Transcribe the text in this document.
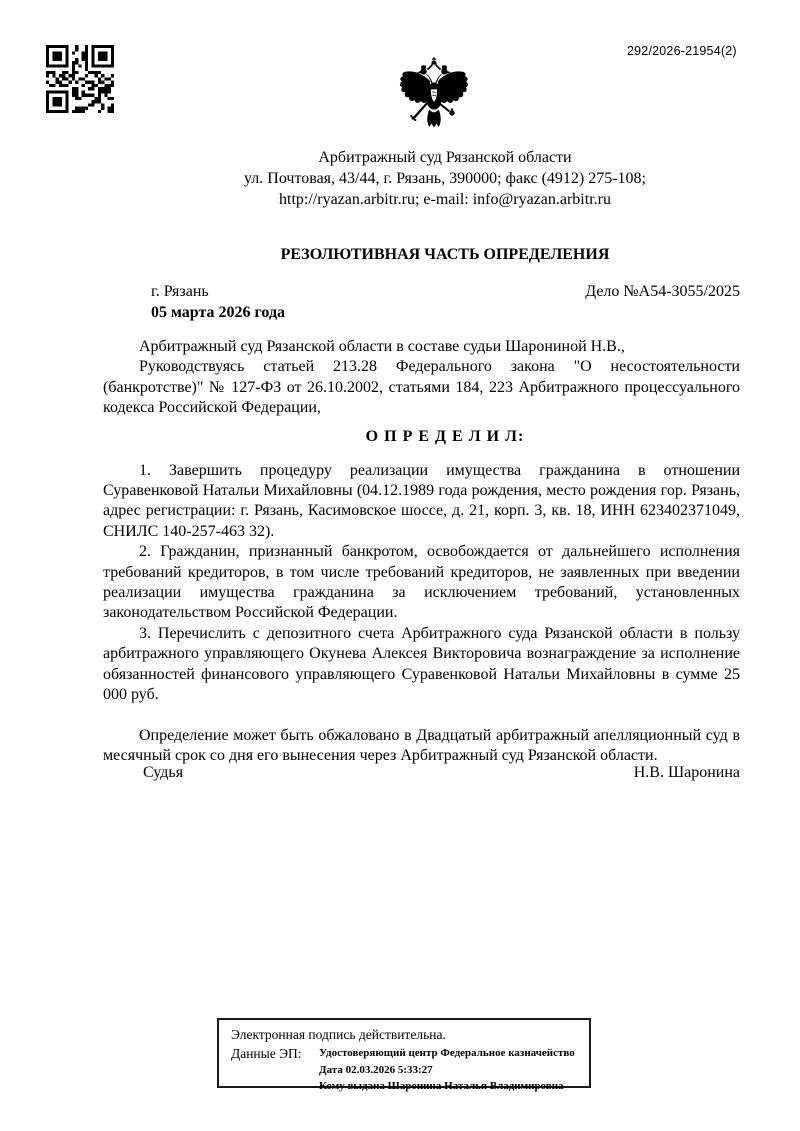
292/2026-21954(2)
Арбитражный суд Рязанской области
ул. Почтовая, 43/44, г. Рязань, 390000; факс (4912) 275-108;
http://ryazan.arbitr.ru; e-mail: info@ryazan.arbitr.ru
РЕЗОЛЮТИВНАЯ ЧАСТЬ ОПРЕДЕЛЕНИЯ
г. Рязань	Дело №А54-3055/2025
05 марта 2026 года

Арбитражный суд Рязанской области в составе судьи Шарониной Н.В.,

Руководствуясь статьей 213.28 Федерального закона "О несостоятельности (банкротстве)" № 127-ФЗ от 26.10.2002, статьями 184, 223 Арбитражного процессуального кодекса Российской Федерации,

О П Р Е Д Е Л И Л:

1. Завершить процедуру реализации имущества гражданина в отношении Суравенковой Натальи Михайловны (04.12.1989 года рождения, место рождения гор. Рязань, адрес регистрации: г. Рязань, Касимовское шоссе, д. 21, корп. 3, кв. 18, ИНН 623402371049, СНИЛС 140-257-463 32).

2. Гражданин, признанный банкротом, освобождается от дальнейшего исполнения требований кредиторов, в том числе требований кредиторов, не заявленных при введении реализации имущества гражданина за исключением требований, установленных законодательством Российской Федерации.

3. Перечислить с депозитного счета Арбитражного суда Рязанской области в пользу арбитражного управляющего Окунева Алексея Викторовича вознаграждение за исполнение обязанностей финансового управляющего Суравенковой Натальи Михайловны в сумме 25 000 руб.

Определение может быть обжаловано в Двадцатый арбитражный апелляционный суд в месячный срок со дня его вынесения через Арбитражный суд Рязанской области.

Судья	Н.В. Шаронина
Электронная подпись действительна.
Данные ЭП:	Удостоверяющий центр Федеральное казначейство
Дата 02.03.2026 5:33:27
Кому выдана Шаронина Наталья Владимировна
